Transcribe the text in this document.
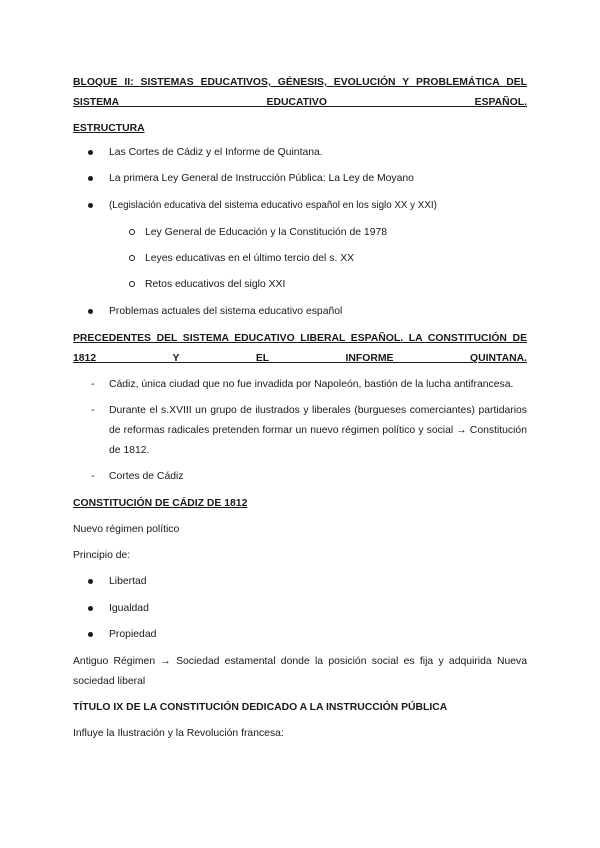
BLOQUE II: SISTEMAS EDUCATIVOS, GÉNESIS, EVOLUCIÓN Y PROBLEMÁTICA DEL SISTEMA EDUCATIVO ESPAÑOL.

ESTRUCTURA

Las Cortes de Cádiz y el Informe de Quintana.

La primera Ley General de Instrucción Pública: La Ley de Moyano

(Legislación educativa del sistema educativo español en los siglo XX y XXI)

Ley General de Educación y la Constitución de 1978

Leyes educativas en el último tercio del s. XX

Retos educativos del siglo XXI

Problemas actuales del sistema educativo español

PRECEDENTES DEL SISTEMA EDUCATIVO LIBERAL ESPAÑOL. LA CONSTITUCIÓN DE 1812 Y EL INFORME QUINTANA.

- Cádiz, única ciudad que no fue invadida por Napoleón, bastión de la lucha antifrancesa.

- Durante el s.XVIII un grupo de ilustrados y liberales (burgueses comerciantes) partidarios de reformas radicales pretenden formar un nuevo régimen político y social → Constitución de 1812.

- Cortes de Cádiz

CONSTITUCIÓN DE CÁDIZ DE 1812

Nuevo régimen político

Principio de:

Libertad

Igualdad

Propiedad

Antiguo Régimen → Sociedad estamental donde la posición social es fija y adquirida Nueva sociedad liberal

TÍTULO IX DE LA CONSTITUCIÓN DEDICADO A LA INSTRUCCIÓN PÚBLICA

Influye la Ilustración y la Revolución francesa:
